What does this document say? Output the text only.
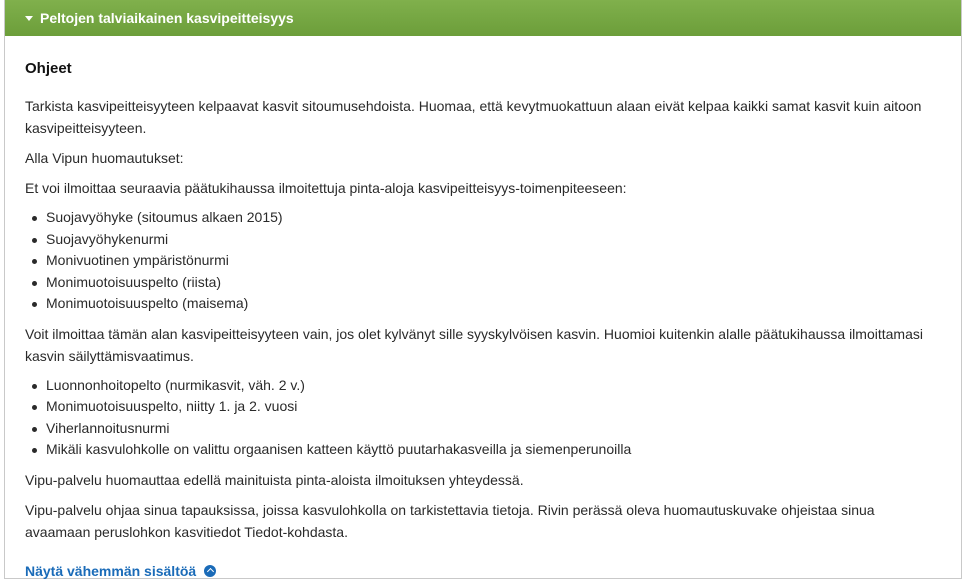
Peltojen talviaikainen kasvipeitteisyys
Ohjeet

Tarkista kasvipeitteisyyteen kelpaavat kasvit sitoumusehdoista. Huomaa, että kevytmuokattuun alaan eivät kelpaa kaikki samat kasvit kuin aitoon kasvipeitteisyyteen.

Alla Vipun huomautukset:

Et voi ilmoittaa seuraavia päätukihaussa ilmoitettuja pinta-aloja kasvipeitteisyys-toimenpiteeseen:

Suojavyöhyke (sitoumus alkaen 2015)
Suojavyöhykenurmi
Monivuotinen ympäristönurmi
Monimuotoisuuspelto (riista)
Monimuotoisuuspelto (maisema)

Voit ilmoittaa tämän alan kasvipeitteisyyteen vain, jos olet kylvänyt sille syyskylvöisen kasvin. Huomioi kuitenkin alalle päätukihaussa ilmoittamasi kasvin säilyttämisvaatimus.

Luonnonhoitopelto (nurmikasvit, väh. 2 v.)
Monimuotoisuuspelto, niitty 1. ja 2. vuosi
Viherlannoitusnurmi
Mikäli kasvulohkolle on valittu orgaanisen katteen käyttö puutarhakasveilla ja siemenperunoilla

Vipu-palvelu huomauttaa edellä mainituista pinta-aloista ilmoituksen yhteydessä.

Vipu-palvelu ohjaa sinua tapauksissa, joissa kasvulohkolla on tarkistettavia tietoja. Rivin perässä oleva huomautuskuvake ohjeistaa sinua avaamaan peruslohkon kasvitiedot Tiedot-kohdasta.

Näytä vähemmän sisältöä
